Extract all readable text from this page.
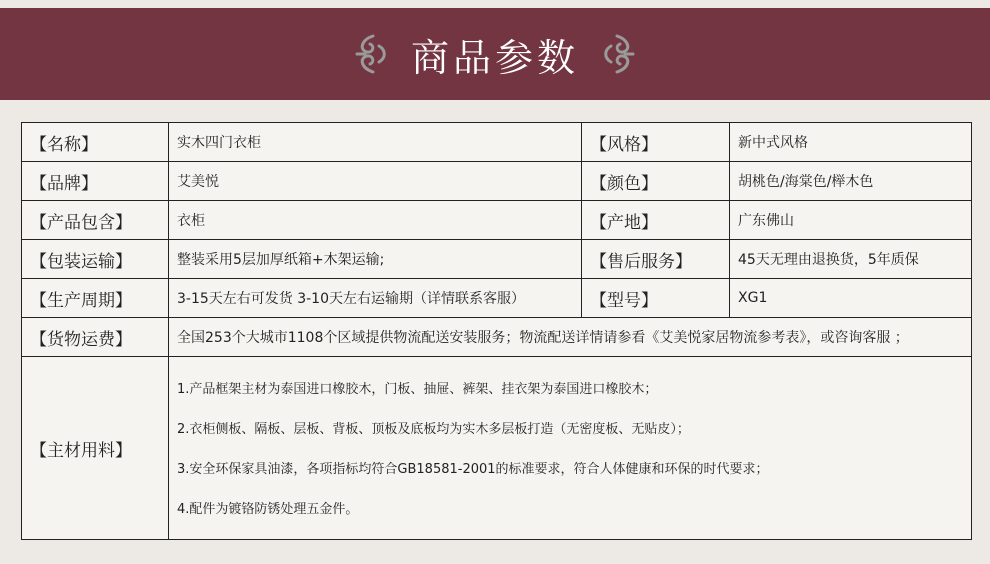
商品参数
【名称】	实木四门衣柜	【风格】	新中式风格
【品牌】	艾美悦	【颜色】	胡桃色/海棠色/榉木色
【产品包含】	衣柜	【产地】	广东佛山
【包装运输】	整装采用5层加厚纸箱+木架运输;	【售后服务】	45天无理由退换货，5年质保
【生产周期】	3-15天左右可发货 3-10天左右运输期（详情联系客服）	【型号】	XG1
【货物运费】	全国253个大城市1108个区域提供物流配送安装服务；物流配送详情请参看《艾美悦家居物流参考表》，或咨询客服 ；		
【主材用料】	1.产品框架主材为泰国进口橡胶木，门板、抽屉、裤架、挂衣架为泰国进口橡胶木；
2.衣柜侧板、隔板、层板、背板、顶板及底板均为实木多层板打造（无密度板、无贴皮）；
3.安全环保家具油漆，各项指标均符合GB18581-2001的标准要求，符合人体健康和环保的时代要求；
4.配件为镀铬防锈处理五金件。		
